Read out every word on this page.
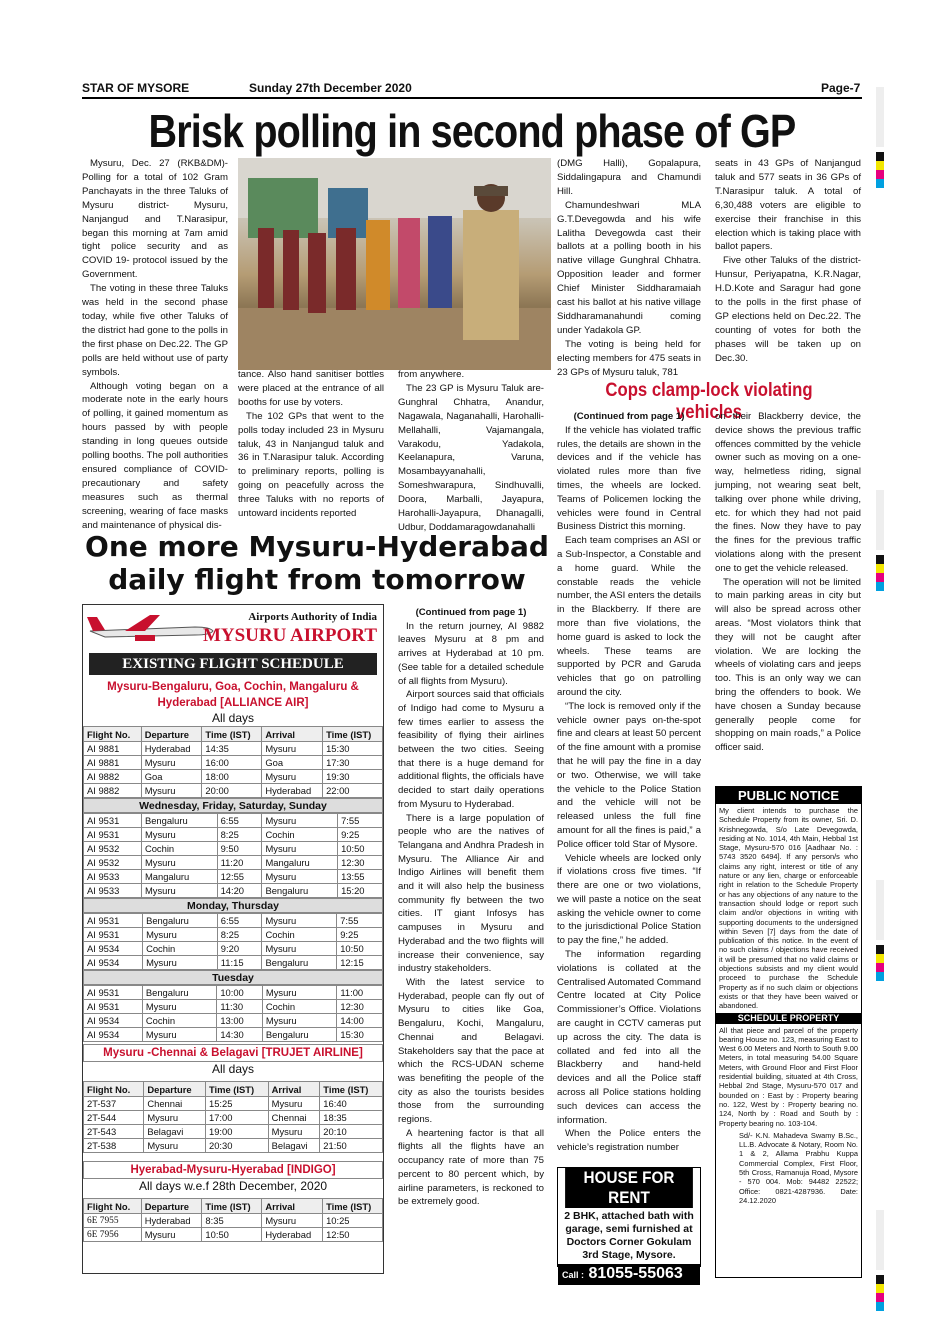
STAR OF MYSORE	Sunday 27th December 2020	Page-7
Brisk polling in second phase of GP

Mysuru, Dec. 27 (RKB&DM)- Polling for a total of 102 Gram Panchayats in the three Taluks of Mysuru district- Mysuru, Nanjangud and T.Narasipur, began this morning at 7am amid tight police security and as COVID 19- protocol issued by the Government.

The voting in these three Taluks was held in the second phase today, while five other Taluks of the district had gone to the polls in the first phase on Dec.22. The GP polls are held without use of party symbols.

Although voting began on a moderate note in the early hours of polling, it gained momentum as hours passed by with people standing in long queues outside polling booths. The poll authorities ensured compliance of COVID-precautionary and safety measures such as thermal screening, wearing of face masks and maintenance of physical dis-

tance. Also hand sanitiser bottles were placed at the entrance of all booths for use by voters.

The 102 GPs that went to the polls today included 23 in Mysuru taluk, 43 in Nanjangud taluk and 36 in T.Narasipur taluk. According to preliminary reports, polling is going on peacefully across the three Taluks with no reports of untoward incidents reported

from anywhere.

The 23 GP is Mysuru Taluk are- Gunghral Chhatra, Anandur, Nagawala, Naganahalli, Harohalli-Mellahalli, Vajamangala, Varakodu, Yadakola, Keelanapura, Varuna, Mosambayyanahalli, Someshwarapura, Sindhuvalli, Doora, Marballi, Jayapura, Harohalli-Jayapura, Dhanagalli, Udbur, Doddamaragowdanahalli

(DMG Halli), Gopalapura, Siddalingapura and Chamundi Hill.

Chamundeshwari MLA G.T.Devegowda and his wife Lalitha Devegowda cast their ballots at a polling booth in his native village Gunghral Chhatra. Opposition leader and former Chief Minister Siddharamaiah cast his ballot at his native village Siddharamanahundi coming under Yadakola GP.

The voting is being held for electing members for 475 seats in 23 GPs of Mysuru taluk, 781

seats in 43 GPs of Nanjangud taluk and 577 seats in 36 GPs of T.Narasipur taluk. A total of 6,30,488 voters are eligible to exercise their franchise in this election which is taking place with ballot papers.

Five other Taluks of the district-Hunsur, Periyapatna, K.R.Nagar, H.D.Kote and Saragur had gone to the polls in the first phase of GP elections held on Dec.22. The counting of votes for both the phases will be taken up on Dec.30.

One more Mysuru-Hyderabad
daily flight from tomorrow
Airports Authority of India
MYSURU AIRPORT
EXISTING FLIGHT SCHEDULE
Mysuru-Bengaluru, Goa, Cochin, Mangaluru & Hyderabad [ALLIANCE AIR]
All days
Flight No.	Departure	Time (IST)	Arrival	Time (IST)
AI 9881	Hyderabad	14:35	Mysuru	15:30
AI 9881	Mysuru	16:00	Goa	17:30
AI 9882	Goa	18:00	Mysuru	19:30
AI 9882	Mysuru	20:00	Hyderabad	22:00
Wednesday, Friday, Saturday, Sunday
AI 9531	Bengaluru	6:55	Mysuru	7:55
AI 9531	Mysuru	8:25	Cochin	9:25
AI 9532	Cochin	9:50	Mysuru	10:50
AI 9532	Mysuru	11:20	Mangaluru	12:30
AI 9533	Mangaluru	12:55	Mysuru	13:55
AI 9533	Mysuru	14:20	Bengaluru	15:20
Monday, Thursday
AI 9531	Bengaluru	6:55	Mysuru	7:55
AI 9531	Mysuru	8:25	Cochin	9:25
AI 9534	Cochin	9:20	Mysuru	10:50
AI 9534	Mysuru	11:15	Bengaluru	12:15
Tuesday
AI 9531	Bengaluru	10:00	Mysuru	11:00
AI 9531	Mysuru	11:30	Cochin	12:30
AI 9534	Cochin	13:00	Mysuru	14:00
AI 9534	Mysuru	14:30	Bengaluru	15:30
Mysuru -Chennai & Belagavi [TRUJET AIRLINE]
All days
Flight No.	Departure	Time (IST)	Arrival	Time (IST)
2T-537	Chennai	15:25	Mysuru	16:40
2T-544	Mysuru	17:00	Chennai	18:35
2T-543	Belagavi	19:00	Mysuru	20:10
2T-538	Mysuru	20:30	Belagavi	21:50
Hyerabad-Mysuru-Hyerabad [INDIGO]
All days w.e.f 28th December, 2020
Flight No.	Departure	Time (IST)	Arrival	Time (IST)
6E 7955	Hyderabad	8:35	Mysuru	10:25
6E 7956	Mysuru	10:50	Hyderabad	12:50
(Continued from page 1)

In the return journey, AI 9882 leaves Mysuru at 8 pm and arrives at Hyderabad at 10 pm. (See table for a detailed schedule of all flights from Mysuru).

Airport sources said that officials of Indigo had come to Mysuru a few times earlier to assess the feasibility of flying their airlines between the two cities. Seeing that there is a huge demand for additional flights, the officials have decided to start daily operations from Mysuru to Hyderabad.

There is a large population of people who are the natives of Telangana and Andhra Pradesh in Mysuru. The Alliance Air and Indigo Airlines will benefit them and it will also help the business community fly between the two cities. IT giant Infosys has campuses in Mysuru and Hyderabad and the two flights will increase their convenience, say industry stakeholders.

With the latest service to Hyderabad, people can fly out of Mysuru to cities like Goa, Bengaluru, Kochi, Mangaluru, Chennai and Belagavi. Stakeholders say that the pace at which the RCS-UDAN scheme was benefiting the people of the city as also the tourists besides those from the surrounding regions.

A heartening factor is that all flights all the flights have an occupancy rate of more than 75 percent to 80 percent which, by airline parameters, is reckoned to be extremely good.

Cops clamp-lock violating vehicles
(Continued from page 1)

If the vehicle has violated traffic rules, the details are shown in the devices and if the vehicle has violated rules more than five times, the wheels are locked. Teams of Policemen locking the vehicles were found in Central Business District this morning.

Each team comprises an ASI or a Sub-Inspector, a Constable and a home guard. While the constable reads the vehicle number, the ASI enters the details in the Blackberry. If there are more than five violations, the home guard is asked to lock the wheels. These teams are supported by PCR and Garuda vehicles that go on patrolling around the city.

“The lock is removed only if the vehicle owner pays on-the-spot fine and clears at least 50 percent of the fine amount with a promise that he will pay the fine in a day or two. Otherwise, we will take the vehicle to the Police Station and the vehicle will not be released unless the full fine amount for all the fines is paid,” a Police officer told Star of Mysore.

Vehicle wheels are locked only if violations cross five times. “If there are one or two violations, we will paste a notice on the seat asking the vehicle owner to come to the jurisdictional Police Station to pay the fine,” he added.

The information regarding violations is collated at the Centralised Automated Command Centre located at City Police Commissioner’s Office. Violations are caught in CCTV cameras put up across the city. The data is collated and fed into all the Blackberry and hand-held devices and all the Police staff across all Police stations holding such devices can access the information.

When the Police enters the vehicle’s registration number

on their Blackberry device, the device shows the previous traffic offences committed by the vehicle owner such as moving on a one-way, helmetless riding, signal jumping, not wearing seat belt, talking over phone while driving, etc. for which they had not paid the fines. Now they have to pay the fines for the previous traffic violations along with the present one to get the vehicle released.

The operation will not be limited to main parking areas in city but will also be spread across other areas. “Most violators think that they will not be caught after violation. We are locking the wheels of violating cars and jeeps too. This is an only way we can bring the offenders to book. We have chosen a Sunday because generally people come for shopping on main roads,” a Police officer said.

PUBLIC NOTICE
My client intends to purchase the Schedule Property from its owner, Sri. D. Krishnegowda, S/o Late Devegowda, residing at No. 1014, 4th Main, Hebbal 1st Stage, Mysuru-570 016 [Aadhaar No. : 5743 3520 6494]. If any person/s who claims any right, interest or title of any nature or any lien, charge or enforceable right in relation to the Schedule Property or has any objections of any nature to the transaction should lodge or report such claim and/or objections in writing with supporting documents to the undersigned within Seven [7] days from the date of publication of this notice. In the event of no such claims / objections have received it will be presumed that no valid claims or objections subsists and my client would proceed to purchase the Schedule Property as if no such claim or objections exists or that they have been waived or abandoned.
SCHEDULE PROPERTY
All that piece and parcel of the property bearing House no. 123, measuring East to West 6.00 Meters and North to South 9.00 Meters, in total measuring 54.00 Square Meters, with Ground Floor and First Floor residential building, situated at 4th Cross, Hebbal 2nd Stage, Mysuru-570 017 and bounded on : East by : Property bearing no. 122, West by : Property bearing no. 124, North by : Road and South by : Property bearing no. 103-104.
Sd/- K.N. Mahadeva Swamy B.Sc., LL.B. Advocate & Notary, Room No. 1 & 2, Allama Prabhu Kuppa Commercial Complex, First Floor, 5th Cross, Ramanuja Road, Mysore - 570 004. Mob: 94482 22522; Office: 0821-4287936. Date: 24.12.2020
HOUSE FOR RENT
2 BHK, attached bath with garage, semi furnished at Doctors Corner Gokulam 3rd Stage, Mysore.
Call : 81055-55063
